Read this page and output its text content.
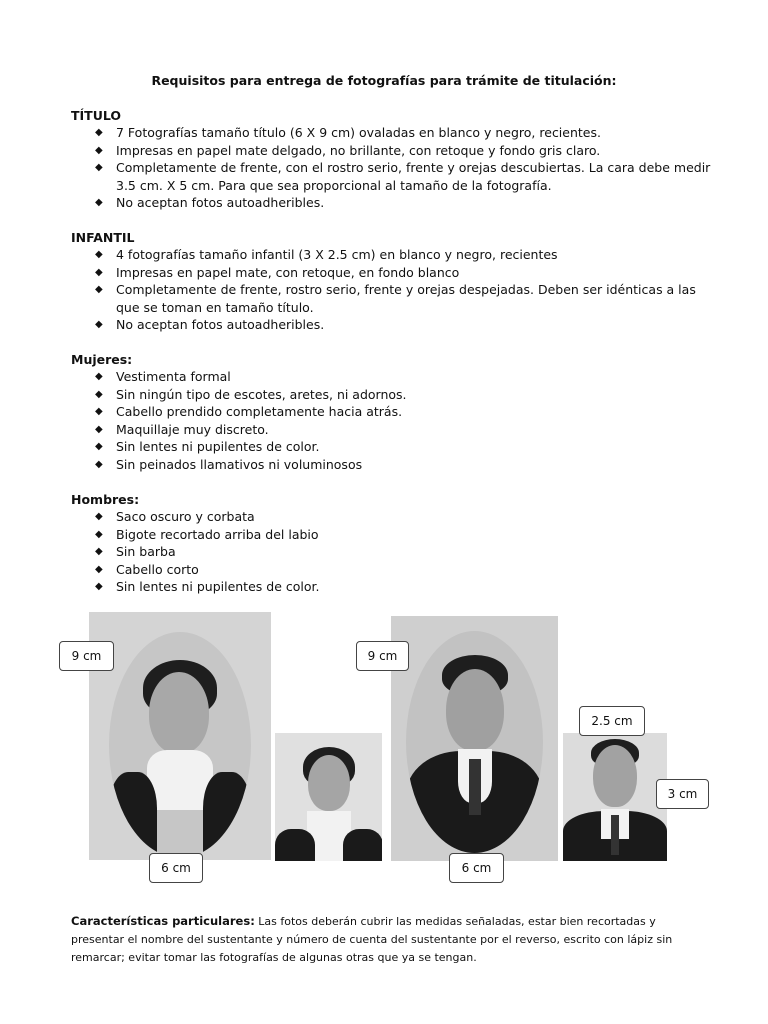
Requisitos para entrega de fotografías para trámite de titulación:
TÍTULO
◆ 7 Fotografías tamaño título (6 X 9 cm) ovaladas en blanco y negro, recientes.
◆ Impresas en papel mate delgado, no brillante, con retoque y fondo gris claro.
◆ Completamente de frente, con el rostro serio, frente y orejas descubiertas. La cara debe medir 3.5 cm. X 5 cm. Para que sea proporcional al tamaño de la fotografía.
◆ No aceptan fotos autoadheribles.
INFANTIL
◆ 4 fotografías tamaño infantil (3 X 2.5 cm) en blanco y negro, recientes
◆ Impresas en papel mate, con retoque, en fondo blanco
◆ Completamente de frente, rostro serio, frente y orejas despejadas. Deben ser idénticas a las que se toman en tamaño título.
◆ No aceptan fotos autoadheribles.
Mujeres:
◆ Vestimenta formal
◆ Sin ningún tipo de escotes, aretes, ni adornos.
◆ Cabello prendido completamente hacia atrás.
◆ Maquillaje muy discreto.
◆ Sin lentes ni pupilentes de color.
◆ Sin peinados llamativos ni voluminosos
Hombres:
◆ Saco oscuro y corbata
◆ Bigote recortado arriba del labio
◆ Sin barba
◆ Cabello corto
◆ Sin lentes ni pupilentes de color.
9 cm
6 cm
9 cm
6 cm
2.5 cm
3 cm
Características particulares: Las fotos deberán cubrir las medidas señaladas, estar bien recortadas y presentar el nombre del sustentante y número de cuenta del sustentante por el reverso, escrito con lápiz sin remarcar; evitar tomar las fotografías de algunas otras que ya se tengan.
